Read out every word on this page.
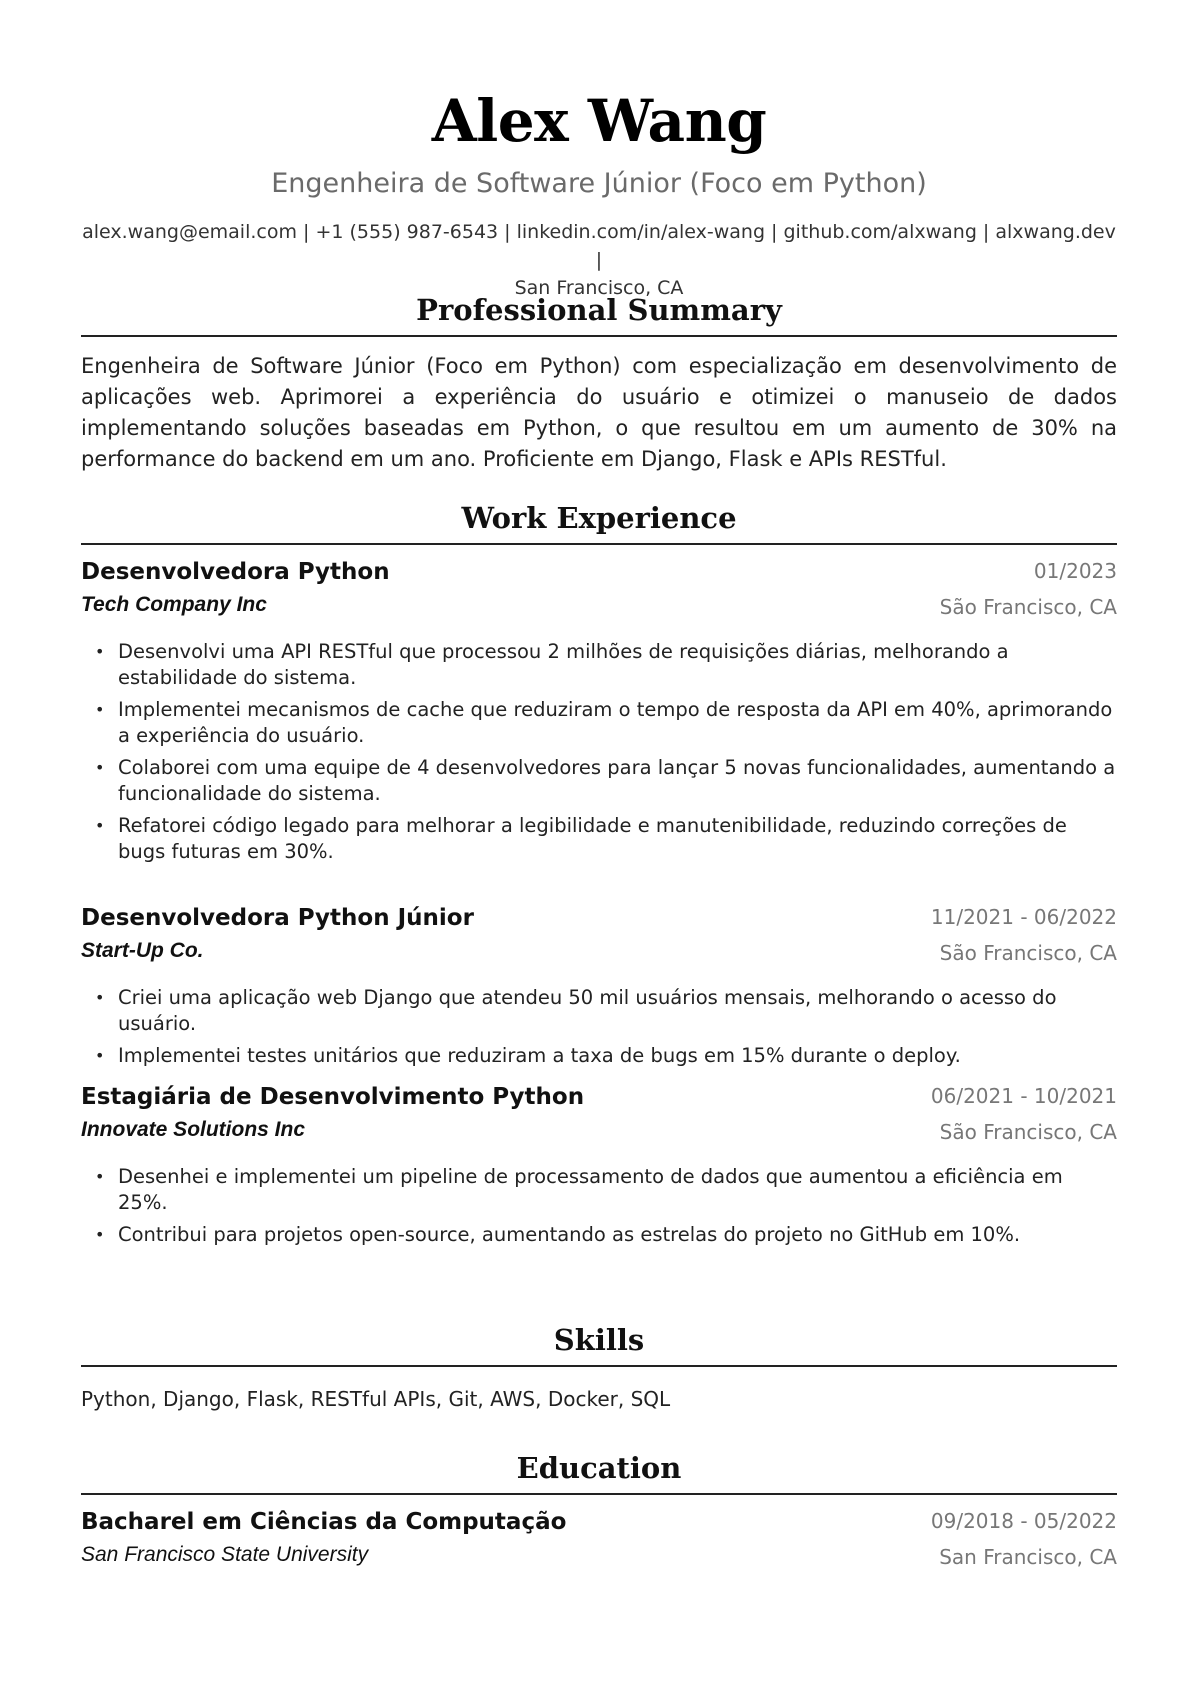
Alex Wang
Engenheira de Software Júnior (Foco em Python)
alex.wang@email.com | +1 (555) 987-6543 | linkedin.com/in/alex-wang | github.com/alxwang | alxwang.dev |
San Francisco, CA
Professional Summary
Engenheira de Software Júnior (Foco em Python) com especialização em desenvolvimento de aplicações web. Aprimorei a experiência do usuário e otimizei o manuseio de dados implementando soluções baseadas em Python, o que resultou em um aumento de 30% na performance do backend em um ano. Proficiente em Django, Flask e APIs RESTful.
Work Experience
Desenvolvedora Python	01/2023
Tech Company Inc	São Francisco, CA
• Desenvolvi uma API RESTful que processou 2 milhões de requisições diárias, melhorando a estabilidade do sistema.
• Implementei mecanismos de cache que reduziram o tempo de resposta da API em 40%, aprimorando a experiência do usuário.
• Colaborei com uma equipe de 4 desenvolvedores para lançar 5 novas funcionalidades, aumentando a funcionalidade do sistema.
• Refatorei código legado para melhorar a legibilidade e manutenibilidade, reduzindo correções de bugs futuras em 30%.
Desenvolvedora Python Júnior	11/2021 - 06/2022
Start-Up Co.	São Francisco, CA
• Criei uma aplicação web Django que atendeu 50 mil usuários mensais, melhorando o acesso do usuário.
• Implementei testes unitários que reduziram a taxa de bugs em 15% durante o deploy.
Estagiária de Desenvolvimento Python	06/2021 - 10/2021
Innovate Solutions Inc	São Francisco, CA
• Desenhei e implementei um pipeline de processamento de dados que aumentou a eficiência em 25%.
• Contribui para projetos open-source, aumentando as estrelas do projeto no GitHub em 10%.
Skills
Python, Django, Flask, RESTful APIs, Git, AWS, Docker, SQL
Education
Bacharel em Ciências da Computação	09/2018 - 05/2022
San Francisco State University	San Francisco, CA
